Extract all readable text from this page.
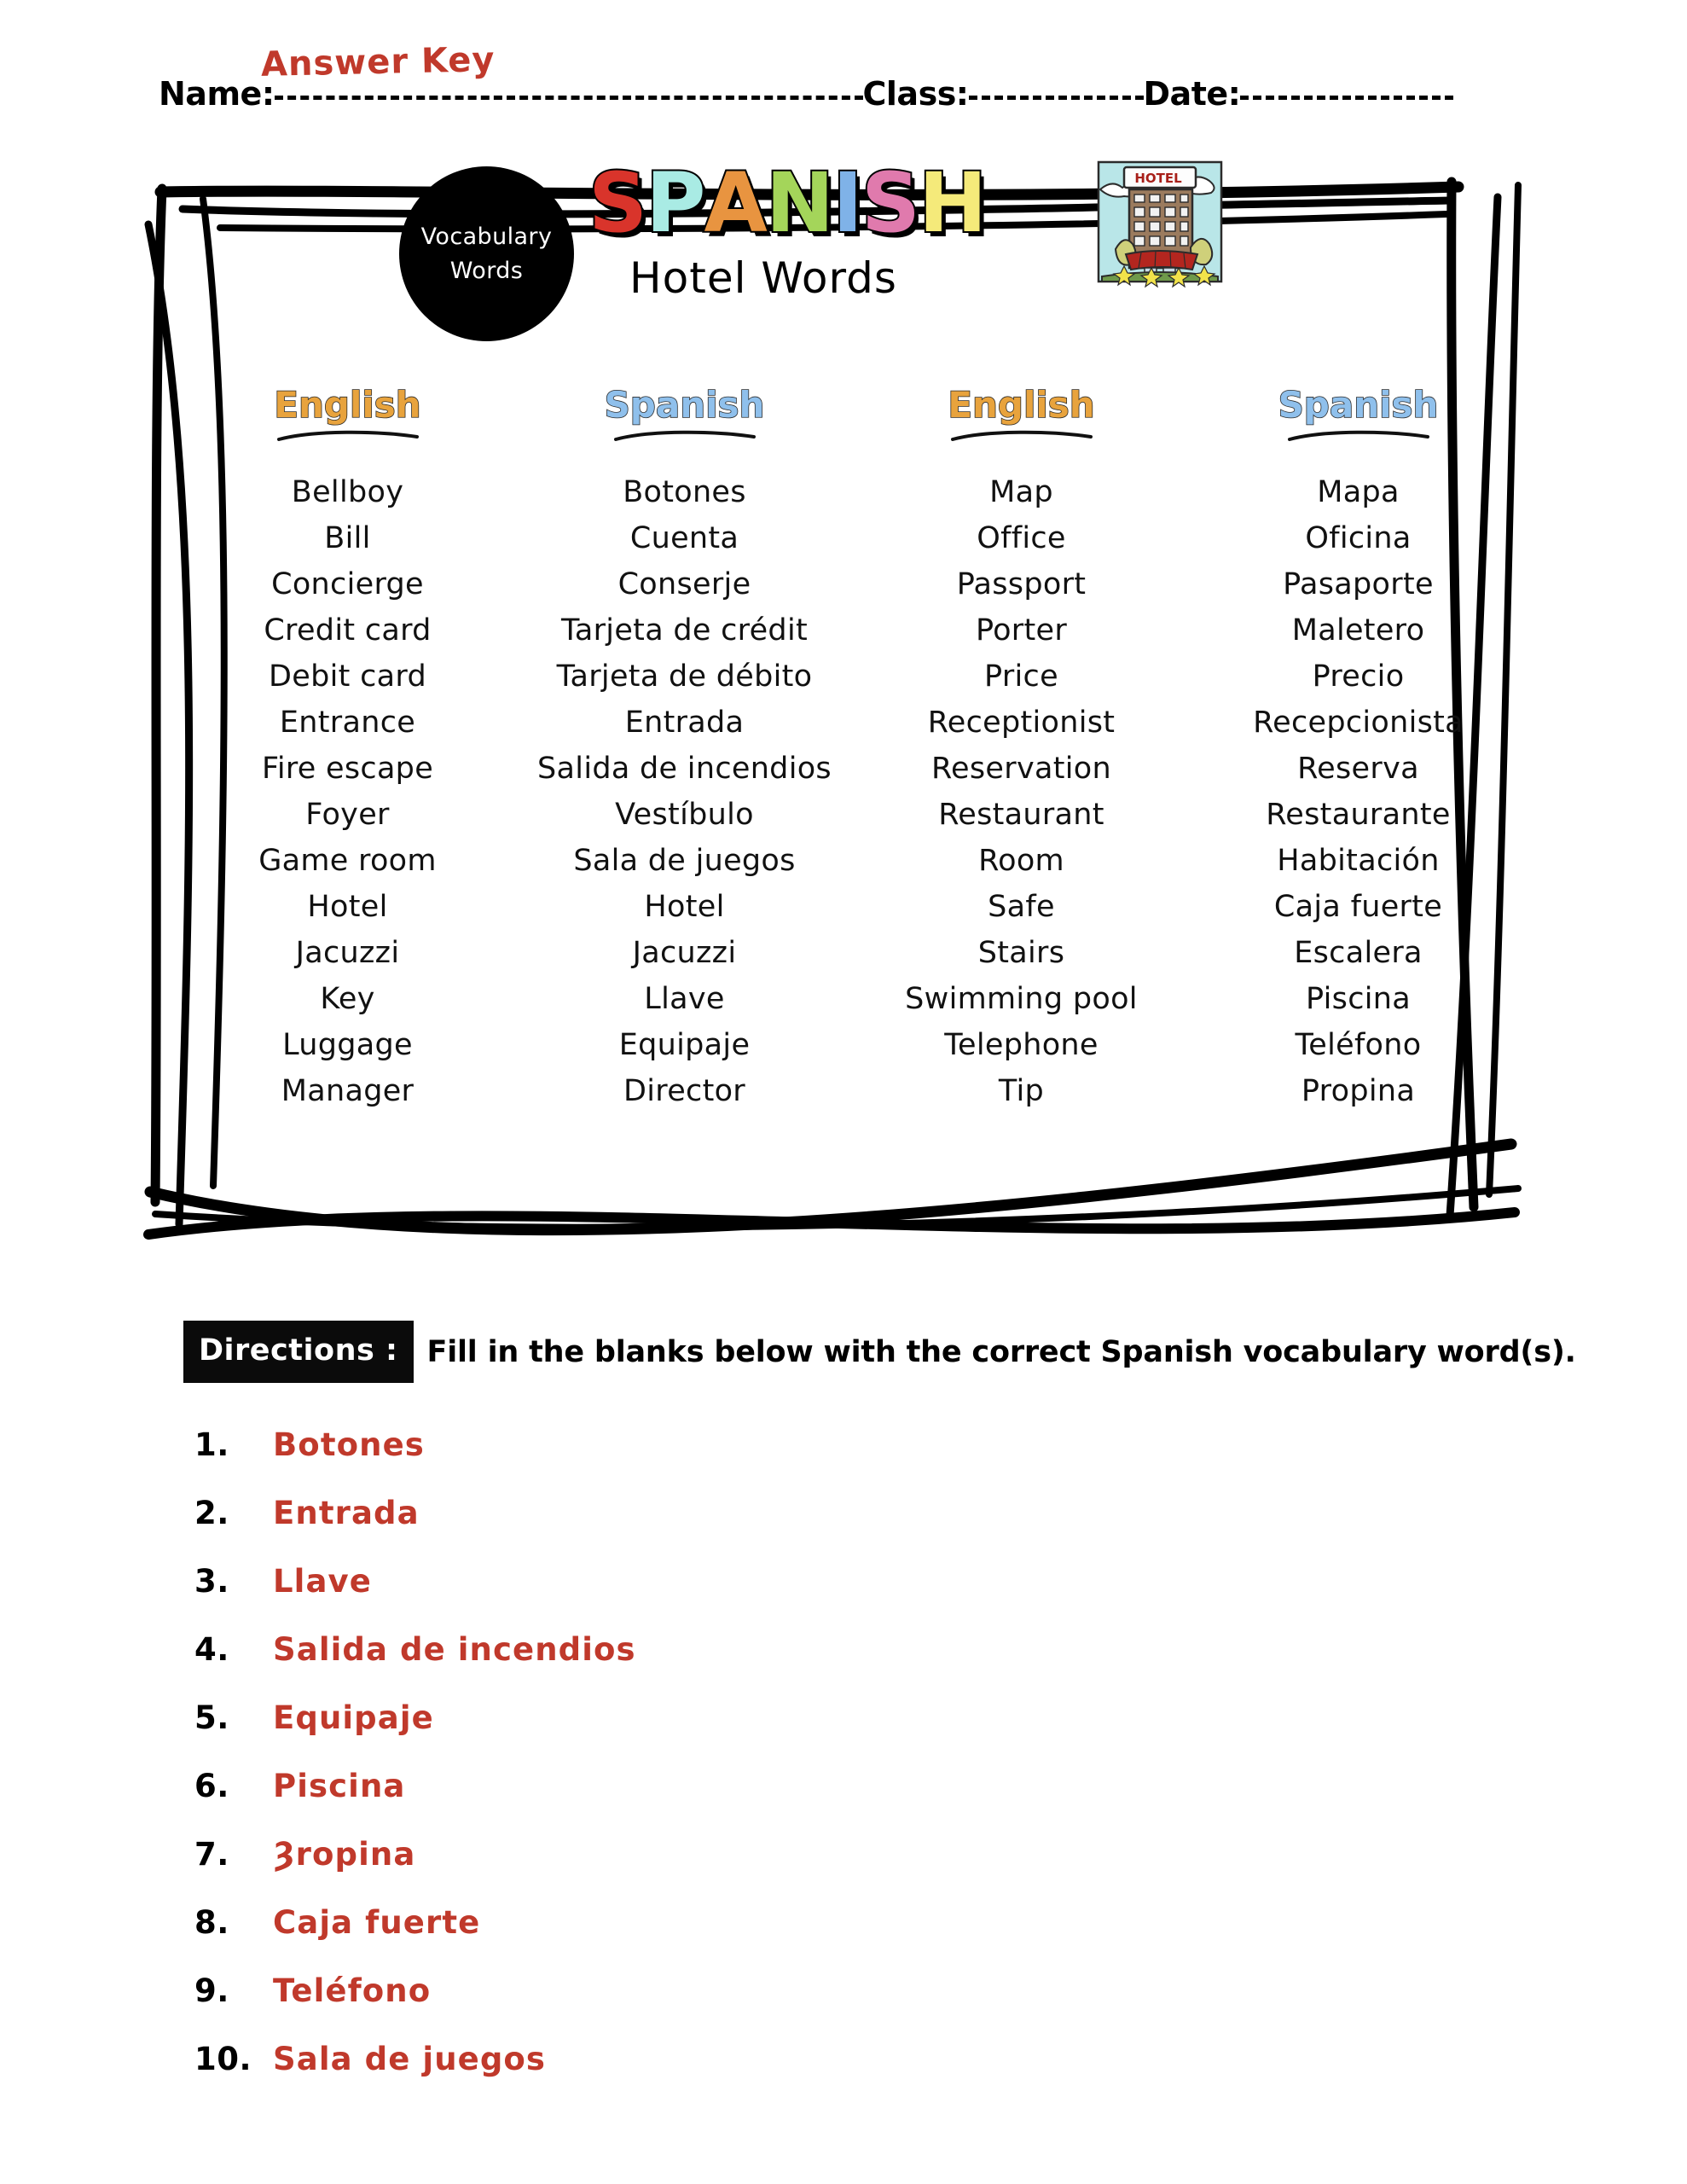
Name:	Class:	Date:
Answer Key
Vocabulary
Words
SPANISH
Hotel Words
HOTEL
English	Spanish	English	Spanish
Bellboy	Botones	Map	Mapa
Bill	Cuenta	Office	Oficina
Concierge	Conserje	Passport	Pasaporte
Credit card	Tarjeta de crédit	Porter	Maletero
Debit card	Tarjeta de débito	Price	Precio
Entrance	Entrada	Receptionist	Recepcionista
Fire escape	Salida de incendios	Reservation	Reserva
Foyer	Vestíbulo	Restaurant	Restaurante
Game room	Sala de juegos	Room	Habitación
Hotel	Hotel	Safe	Caja fuerte
Jacuzzi	Jacuzzi	Stairs	Escalera
Key	Llave	Swimming pool	Piscina
Luggage	Equipaje	Telephone	Teléfono
Manager	Director	Tip	Propina
Directions : Fill in the blanks below with the correct Spanish vocabulary word(s).
1.	Botones
2.	Entrada
3.	Llave
4.	Salida de incendios
5.	Equipaje
6.	Piscina
7.	Ȝropina
8.	Caja fuerte
9.	Teléfono
10. Sala de juegos
